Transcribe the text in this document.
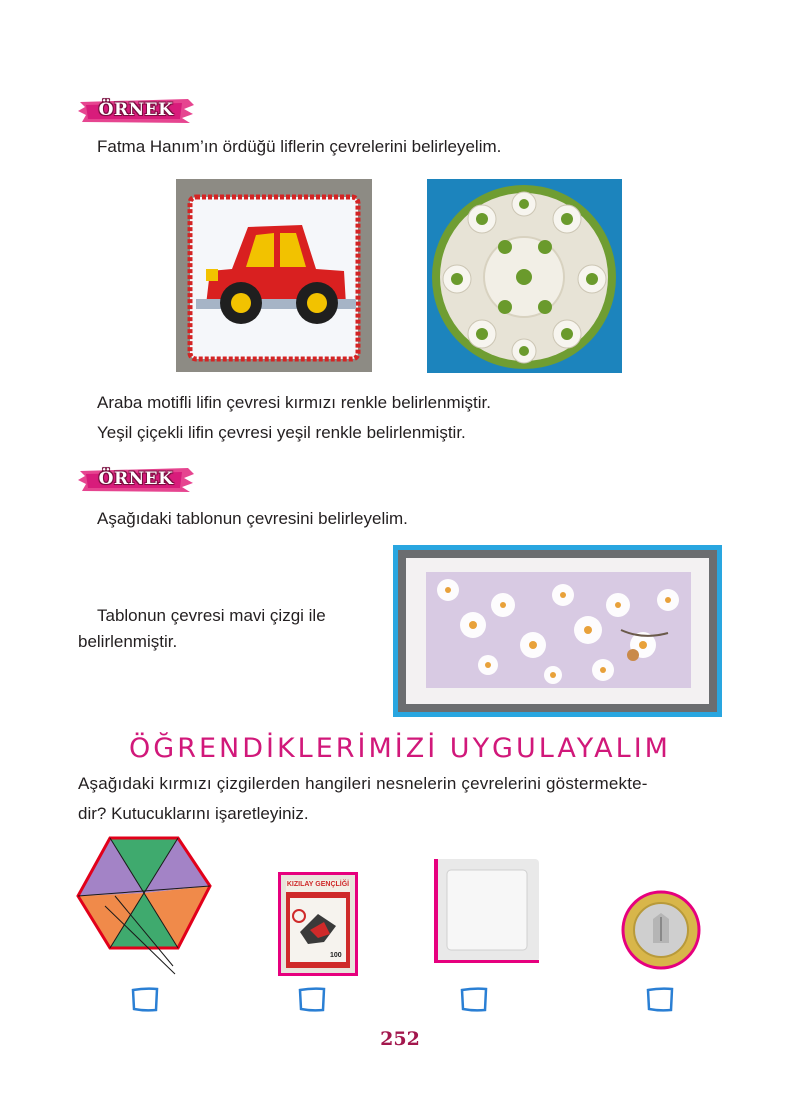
ÖRNEK
Fatma Hanım’ın ördüğü liflerin çevrelerini belirleyelim.
Araba motifli lifin çevresi kırmızı renkle belirlenmiştir.
Yeşil çiçekli lifin çevresi yeşil renkle belirlenmiştir.
ÖRNEK
Aşağıdaki tablonun çevresini belirleyelim.
Tablonun çevresi mavi çizgi ile
belirlenmiştir.
ÖĞRENDİKLERİMİZİ UYGULAYALIM
Aşağıdaki kırmızı çizgilerden hangileri nesnelerin çevrelerini göstermekte-
dir? Kutucuklarını işaretleyiniz.
KIZILAY GENÇLİĞİ
100
252
